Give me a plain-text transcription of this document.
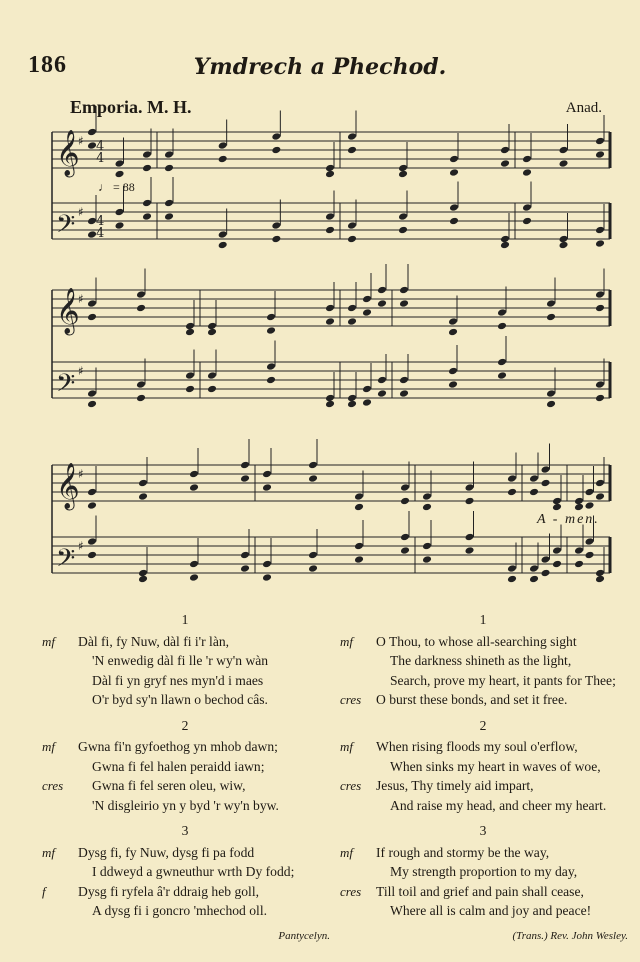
186	Ymdrech a Phechod.
Emporia. M. H.	Anad.
♩ = 88
𝄞
♯
𝄢 ♯
𝄞
♯
𝄢 ♯
𝄞
♯
𝄢 ♯
4
4
4
4
A - men.
1
mf Dàl fi, fy Nuw, dàl fi i'r làn,
'N enwedig dàl fi lle 'r wy'n wàn
Dàl fi yn gryf nes myn'd i maes
O'r byd sy'n llawn o bechod câs.
2
mf Gwna fi'n gyfoethog yn mhob dawn;
Gwna fi fel halen peraidd iawn;
cres Gwna fi fel seren oleu, wiw,
'N disgleirio yn y byd 'r wy'n byw.
3
mf Dysg fi, fy Nuw, dysg fi pa fodd
I ddweyd a gwneuthur wrth Dy fodd;
f Dysg fi ryfela â'r ddraig heb goll,
A dysg fi i goncro 'mhechod oll.
Pantycelyn.
1
mf O Thou, to whose all-searching sight
The darkness shineth as the light,
Search, prove my heart, it pants for Thee;
cres O burst these bonds, and set it free.
2
mf When rising floods my soul o'erflow,
When sinks my heart in waves of woe,
cres Jesus, Thy timely aid impart,
And raise my head, and cheer my heart.
3
mf If rough and stormy be the way,
My strength proportion to my day,
cres Till toil and grief and pain shall cease,
Where all is calm and joy and peace!
(Trans.) Rev. John Wesley.
